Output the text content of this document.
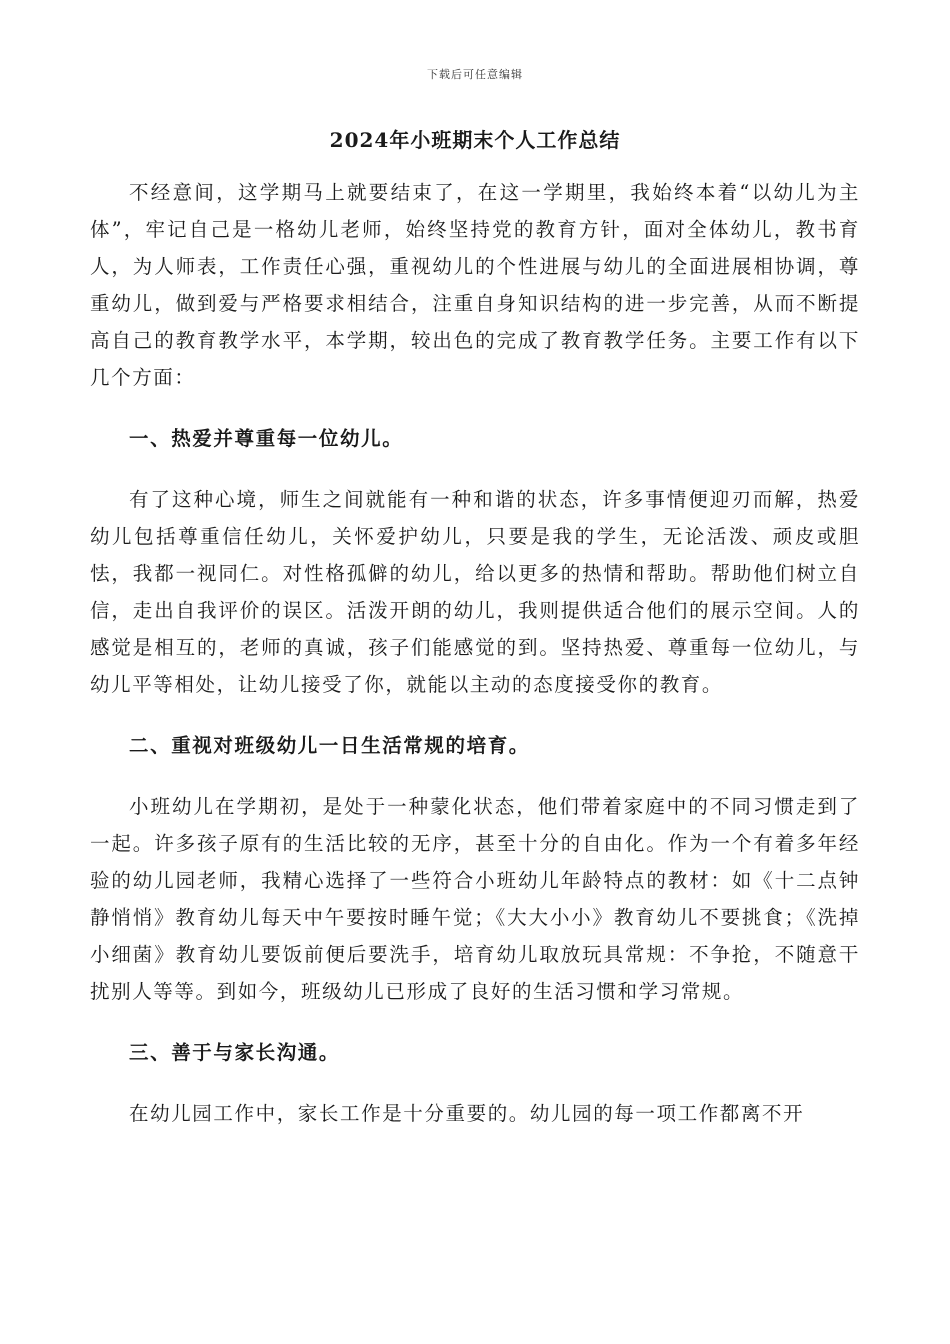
下载后可任意编辑
2024年小班期末个人工作总结

不经意间，这学期马上就要结束了，在这一学期里，我始终本着“以幼儿为主体”，牢记自己是一格幼儿老师，始终坚持党的教育方针，面对全体幼儿，教书育人，为人师表，工作责任心强，重视幼儿的个性进展与幼儿的全面进展相协调，尊重幼儿，做到爱与严格要求相结合，注重自身知识结构的进一步完善，从而不断提高自己的教育教学水平，本学期，较出色的完成了教育教学任务。主要工作有以下几个方面：

一、热爱并尊重每一位幼儿。

有了这种心境，师生之间就能有一种和谐的状态，许多事情便迎刃而解，热爱幼儿包括尊重信任幼儿，关怀爱护幼儿，只要是我的学生，无论活泼、顽皮或胆怯，我都一视同仁。对性格孤僻的幼儿，给以更多的热情和帮助。帮助他们树立自信，走出自我评价的误区。活泼开朗的幼儿，我则提供适合他们的展示空间。人的感觉是相互的，老师的真诚，孩子们能感觉的到。坚持热爱、尊重每一位幼儿，与幼儿平等相处，让幼儿接受了你，就能以主动的态度接受你的教育。

二、重视对班级幼儿一日生活常规的培育。

小班幼儿在学期初，是处于一种蒙化状态，他们带着家庭中的不同习惯走到了一起。许多孩子原有的生活比较的无序，甚至十分的自由化。作为一个有着多年经验的幼儿园老师，我精心选择了一些符合小班幼儿年龄特点的教材：如《十二点钟静悄悄》教育幼儿每天中午要按时睡午觉；《大大小小》教育幼儿不要挑食；《洗掉小细菌》教育幼儿要饭前便后要洗手，培育幼儿取放玩具常规：不争抢，不随意干扰别人等等。到如今，班级幼儿已形成了良好的生活习惯和学习常规。

三、善于与家长沟通。

在幼儿园工作中，家长工作是十分重要的。幼儿园的每一项工作都离不开
